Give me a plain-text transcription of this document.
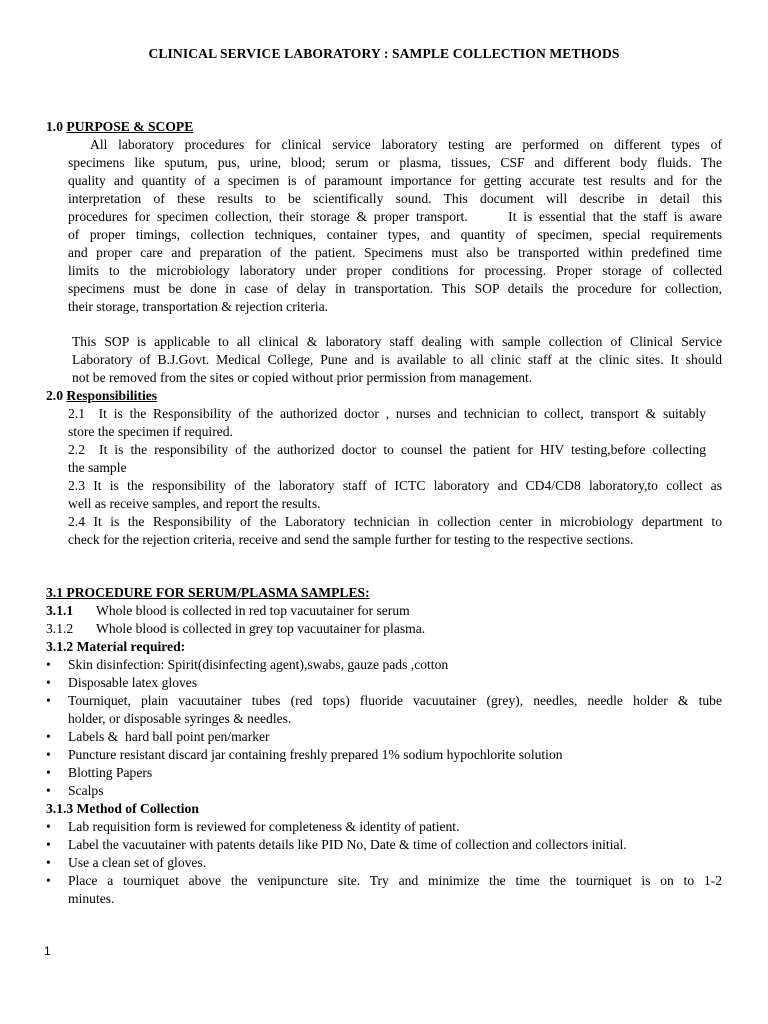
CLINICAL SERVICE LABORATORY : SAMPLE COLLECTION METHODS
1.0 PURPOSE & SCOPE
All laboratory procedures for clinical service laboratory testing are performed on different types of
specimens like sputum, pus, urine, blood; serum or plasma, tissues, CSF and different body fluids. The
quality and quantity of a specimen is of paramount importance for getting accurate test results and for the
interpretation of these results to be scientifically sound. This document will describe in detail this
procedures for specimen collection, their storage & proper transport.      It is essential that the staff is aware
of proper timings, collection techniques, container types, and quantity of specimen, special requirements
and proper care and preparation of the patient. Specimens must also be transported within predefined time
limits to the microbiology laboratory under proper conditions for processing. Proper storage of collected
specimens must be done in case of delay in transportation. This SOP details the procedure for collection,
their storage, transportation & rejection criteria.
This SOP is applicable to all clinical & laboratory staff dealing with sample collection of Clinical Service
Laboratory of B.J.Govt. Medical College, Pune and is available to all clinic staff at the clinic sites. It should
not be removed from the sites or copied without prior permission from management.
2.0 Responsibilities
2.1  It is the Responsibility of the authorized doctor , nurses and technician to collect, transport & suitably
store the specimen if required.
2.2  It is the responsibility of the authorized doctor to counsel the patient for HIV testing,before collecting
the sample
2.3 It is the responsibility of the laboratory staff of ICTC laboratory and CD4/CD8 laboratory,to collect as
well as receive samples, and report the results.
2.4 It is the Responsibility of the Laboratory technician in collection center in microbiology department to
check for the rejection criteria, receive and send the sample further for testing to the respective sections.
3.1 PROCEDURE FOR SERUM/PLASMA SAMPLES:
3.1.1 Whole blood is collected in red top vacuutainer for serum
3.1.2 Whole blood is collected in grey top vacuutainer for plasma.
3.1.2 Material required:
• Skin disinfection: Spirit(disinfecting agent),swabs, gauze pads ,cotton
• Disposable latex gloves
• Tourniquet, plain vacuutainer tubes (red tops) fluoride vacuutainer (grey), needles, needle holder & tube
holder, or disposable syringes & needles.
• Labels &  hard ball point pen/marker
• Puncture resistant discard jar containing freshly prepared 1% sodium hypochlorite solution
• Blotting Papers
• Scalps
3.1.3 Method of Collection
• Lab requisition form is reviewed for completeness & identity of patient.
• Label the vacuutainer with patents details like PID No, Date & time of collection and collectors initial.
• Use a clean set of gloves.
• Place a tourniquet above the venipuncture site. Try and minimize the time the tourniquet is on to 1-2
minutes.
1
